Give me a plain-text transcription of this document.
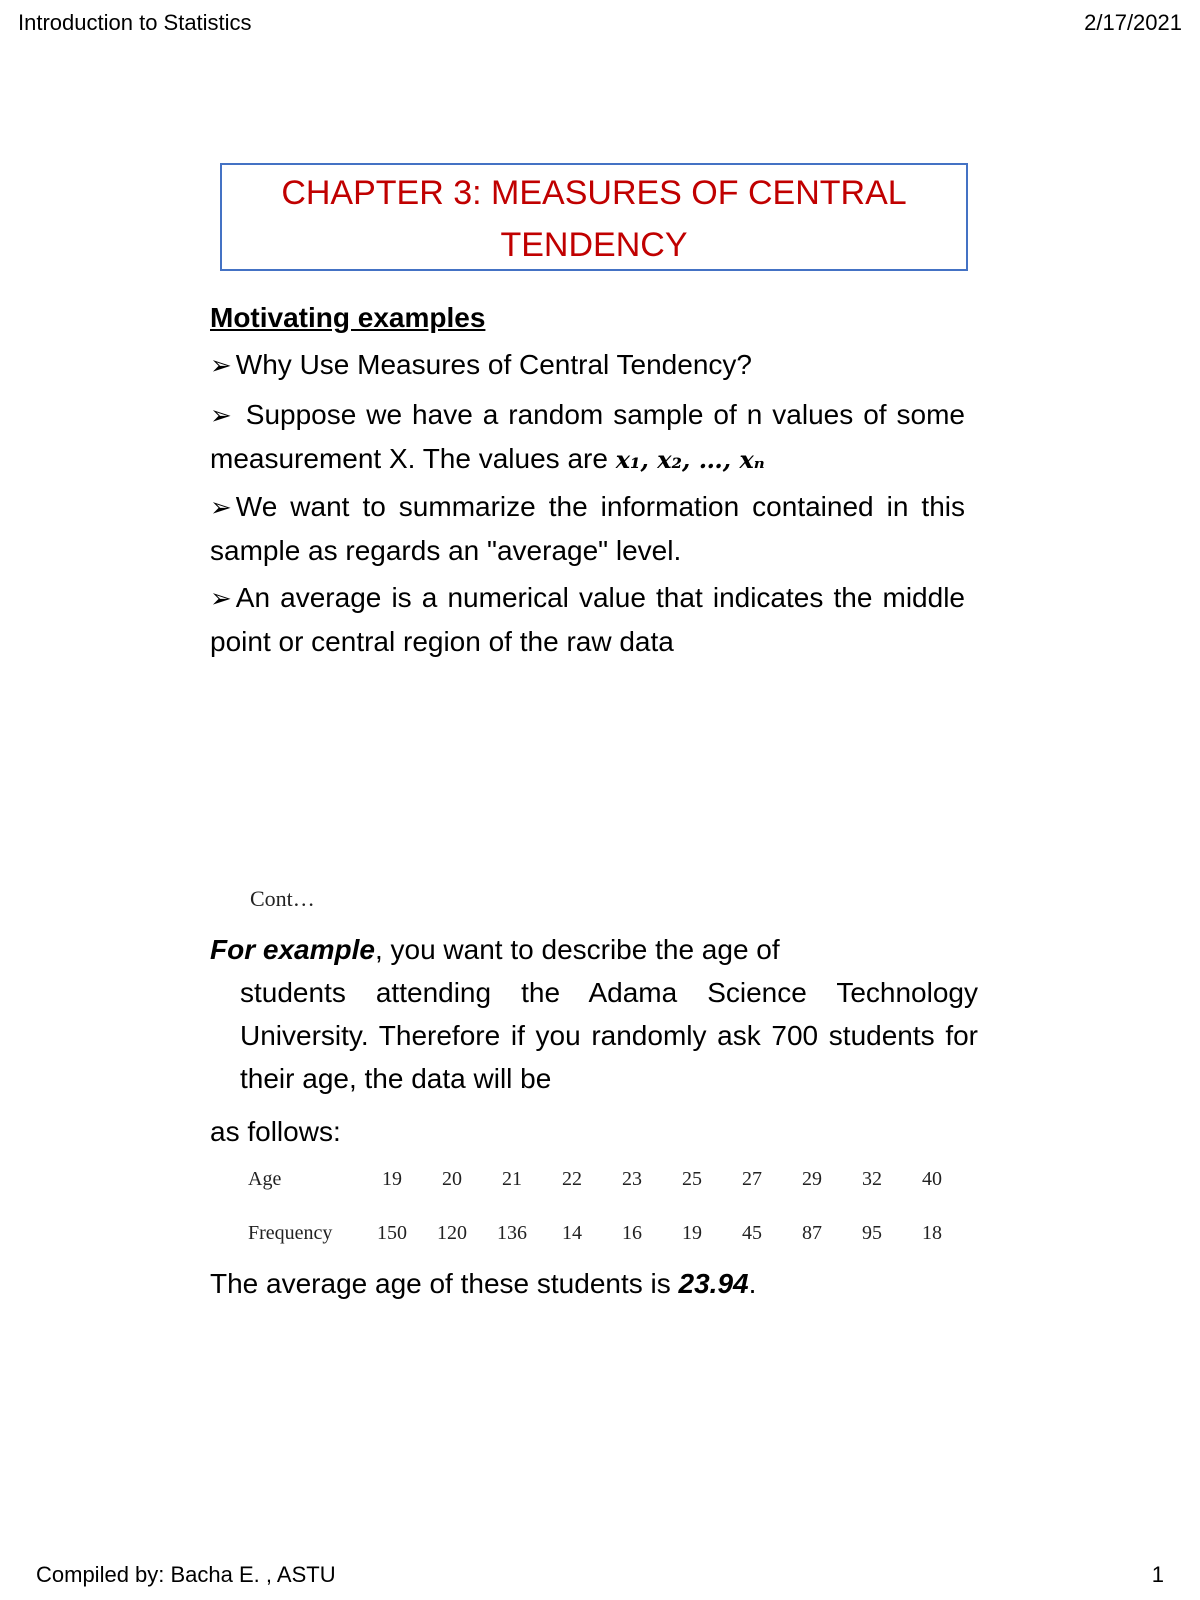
Introduction to Statistics	2/17/2021
CHAPTER 3: MEASURES OF CENTRAL
TENDENCY
Motivating examples
➢ Why Use Measures of Central Tendency?
➢ Suppose we have a random sample of n values of some measurement X. The values are x₁, x₂, …, xₙ
➢ We want to summarize the information contained in this sample as regards an "average" level.
➢ An average is a numerical value that indicates the middle point or central region of the raw data
Cont…
For example, you want to describe the age of
students attending the Adama Science Technology University. Therefore if you randomly ask 700 students for their age, the data will be
as follows:
Age	19	20	21	22	23	25	27	29	32	40
Frequency	150	120	136	14	16	19	45	87	95	18
The average age of these students is 23.94.
Compiled by: Bacha E. , ASTU	1
